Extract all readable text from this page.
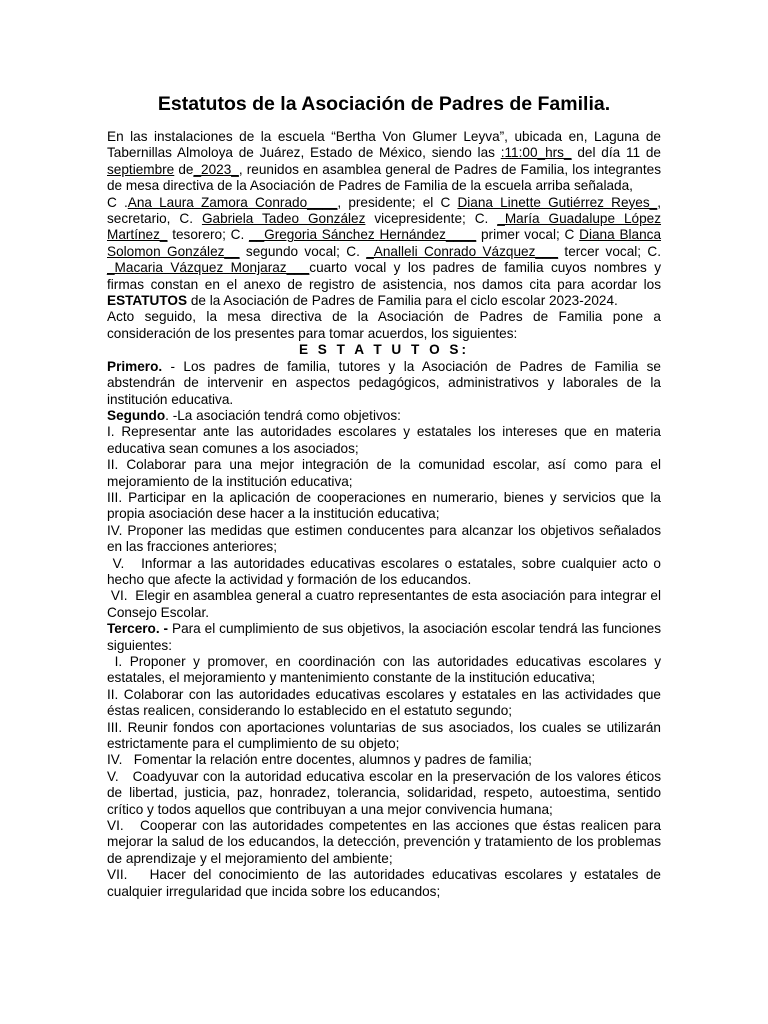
Estatutos de la Asociación de Padres de Familia.

En las instalaciones de la escuela “Bertha Von Glumer Leyva”, ubicada en, Laguna de Tabernillas Almoloya de Juárez, Estado de México, siendo las :11:00_hrs_ del día 11 de septiembre de_2023_, reunidos en asamblea general de Padres de Familia, los integrantes de mesa directiva de la Asociación de Padres de Familia de la escuela arriba señalada,

C .Ana Laura Zamora Conrado____, presidente; el C Diana Linette Gutiérrez Reyes_, secretario, C. Gabriela Tadeo González vicepresidente; C. _María Guadalupe López Martínez_ tesorero; C. __Gregoria Sánchez Hernández____ primer vocal; C Diana Blanca Solomon González__ segundo vocal; C. _Analleli Conrado Vázquez___ tercer vocal; C. _Macaria Vázquez Monjaraz___cuarto vocal y los padres de familia cuyos nombres y firmas constan en el anexo de registro de asistencia, nos damos cita para acordar los ESTATUTOS de la Asociación de Padres de Familia para el ciclo escolar 2023-2024.

Acto seguido, la mesa directiva de la Asociación de Padres de Familia pone a consideración de los presentes para tomar acuerdos, los siguientes:

E S T A T U T O S:

Primero. - Los padres de familia, tutores y la Asociación de Padres de Familia se abstendrán de intervenir en aspectos pedagógicos, administrativos y laborales de la institución educativa.

Segundo. -La asociación tendrá como objetivos:

I. Representar ante las autoridades escolares y estatales los intereses que en materia educativa sean comunes a los asociados;

II. Colaborar para una mejor integración de la comunidad escolar, así como para el mejoramiento de la institución educativa;

III. Participar en la aplicación de cooperaciones en numerario, bienes y servicios que la propia asociación dese hacer a la institución educativa;

IV. Proponer las medidas que estimen conducentes para alcanzar los objetivos señalados en las fracciones anteriores;

V.   Informar a las autoridades educativas escolares o estatales, sobre cualquier acto o hecho que afecte la actividad y formación de los educandos.

VI.  Elegir en asamblea general a cuatro representantes de esta asociación para integrar el Consejo Escolar.

Tercero. - Para el cumplimiento de sus objetivos, la asociación escolar tendrá las funciones siguientes:

I. Proponer y promover, en coordinación con las autoridades educativas escolares y estatales, el mejoramiento y mantenimiento constante de la institución educativa;

II. Colaborar con las autoridades educativas escolares y estatales en las actividades que éstas realicen, considerando lo establecido en el estatuto segundo;

III. Reunir fondos con aportaciones voluntarias de sus asociados, los cuales se utilizarán estrictamente para el cumplimiento de su objeto;

IV.   Fomentar la relación entre docentes, alumnos y padres de familia;

V.   Coadyuvar con la autoridad educativa escolar en la preservación de los valores éticos de libertad, justicia, paz, honradez, tolerancia, solidaridad, respeto, autoestima, sentido crítico y todos aquellos que contribuyan a una mejor convivencia humana;

VI.   Cooperar con las autoridades competentes en las acciones que éstas realicen para mejorar la salud de los educandos, la detección, prevención y tratamiento de los problemas de aprendizaje y el mejoramiento del ambiente;

VII.   Hacer del conocimiento de las autoridades educativas escolares y estatales de cualquier irregularidad que incida sobre los educandos;
